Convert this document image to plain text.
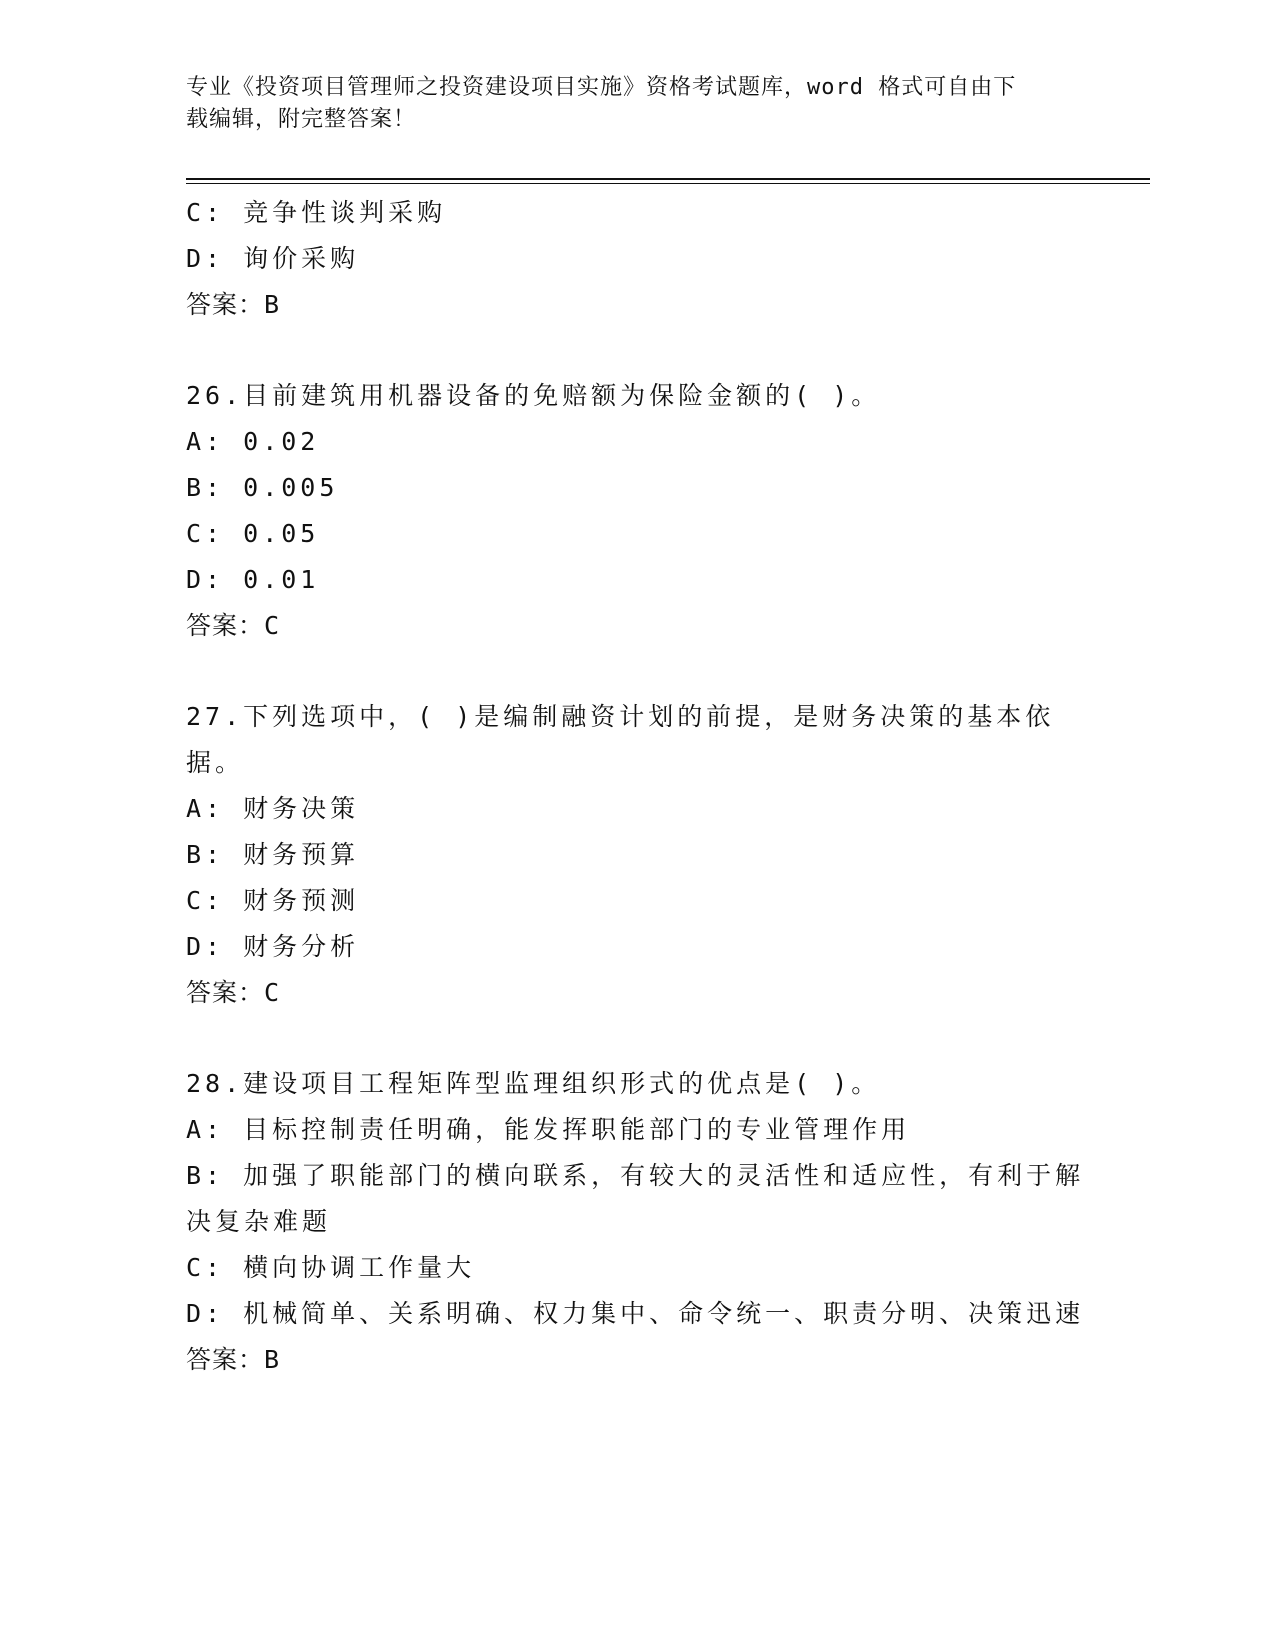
专业《投资项目管理师之投资建设项目实施》资格考试题库，word 格式可自由下
载编辑，附完整答案！
C: 竞争性谈判采购
D: 询价采购
答案：B
26.目前建筑用机器设备的免赔额为保险金额的( )。
A: 0.02
B: 0.005
C: 0.05
D: 0.01
答案：C
27.下列选项中，( )是编制融资计划的前提，是财务决策的基本依
据。
A: 财务决策
B: 财务预算
C: 财务预测
D: 财务分析
答案：C
28.建设项目工程矩阵型监理组织形式的优点是( )。
A: 目标控制责任明确，能发挥职能部门的专业管理作用
B: 加强了职能部门的横向联系，有较大的灵活性和适应性，有利于解
决复杂难题
C: 横向协调工作量大
D: 机械简单、关系明确、权力集中、命令统一、职责分明、决策迅速
答案：B
